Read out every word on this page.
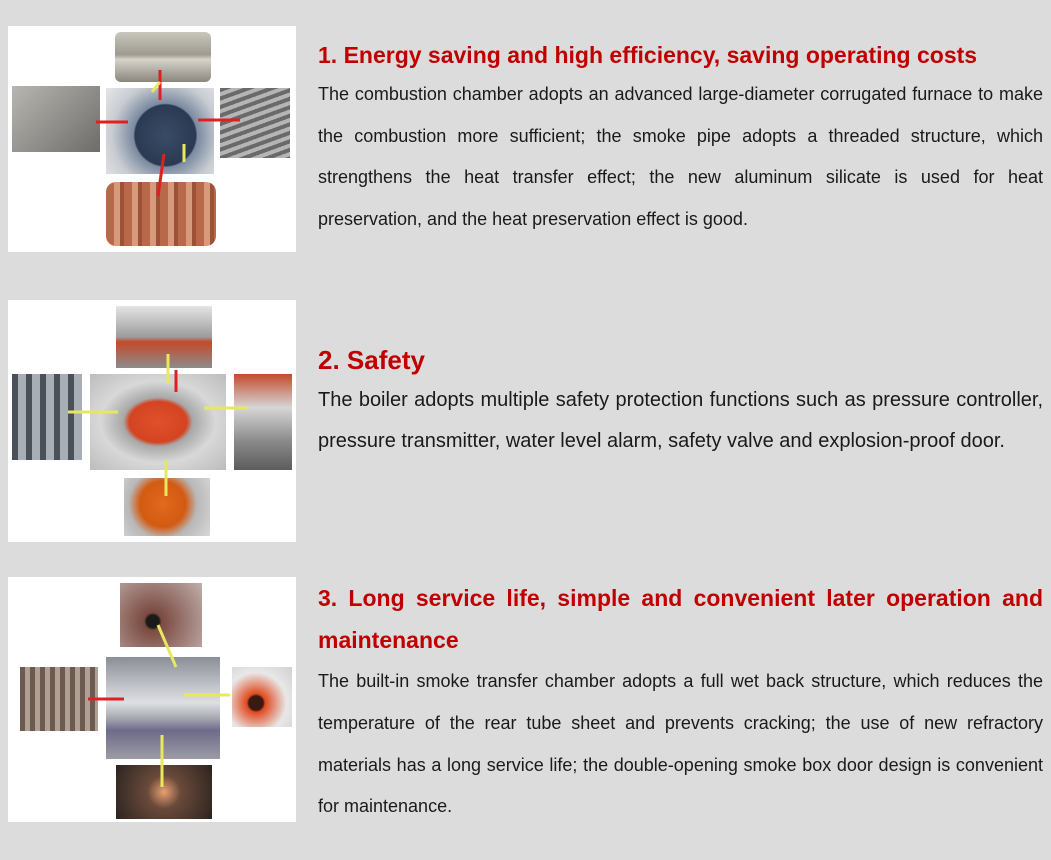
1. Energy saving and high efficiency, saving operating costs

The combustion chamber adopts an advanced large-diameter corrugated furnace to make the combustion more sufficient; the smoke pipe adopts a threaded structure, which strengthens the heat transfer effect; the new aluminum silicate is used for heat preservation, and the heat preservation effect is good.

2. Safety

The boiler adopts multiple safety protection functions such as pressure controller, pressure transmitter, water level alarm, safety valve and explosion-proof door.

3. Long service life, simple and convenient later operation and maintenance

The built-in smoke transfer chamber adopts a full wet back structure, which reduces the temperature of the rear tube sheet and prevents cracking; the use of new refractory materials has a long service life; the double-opening smoke box door design is convenient for maintenance.
